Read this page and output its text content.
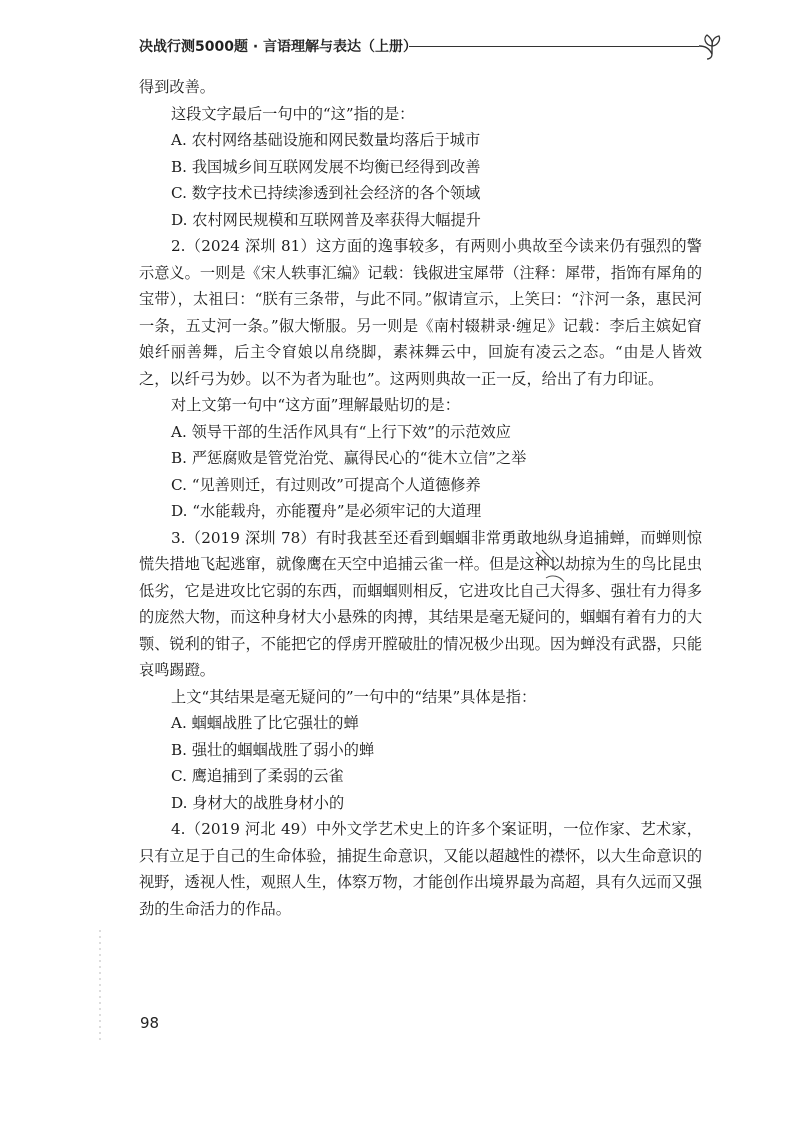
决战行测5000题 · 言语理解与表达（上册）
得到改善。
这段文字最后一句中的“这”指的是：
A. 农村网络基础设施和网民数量均落后于城市
B. 我国城乡间互联网发展不均衡已经得到改善
C. 数字技术已持续渗透到社会经济的各个领域
D. 农村网民规模和互联网普及率获得大幅提升
2.（2024 深圳 81）这方面的逸事较多，有两则小典故至今读来仍有强烈的警示意义。一则是《宋人轶事汇编》记载：钱俶进宝犀带（注释：犀带，指饰有犀角的宝带），太祖曰：“朕有三条带，与此不同。”俶请宣示，上笑曰：“汴河一条，惠民河一条，五丈河一条。”俶大惭服。另一则是《南村辍耕录·缠足》记载：李后主嫔妃窅娘纤丽善舞，后主令窅娘以帛绕脚，素袜舞云中，回旋有凌云之态。“由是人皆效之，以纤弓为妙。以不为者为耻也”。这两则典故一正一反，给出了有力印证。
对上文第一句中“这方面”理解最贴切的是：
A. 领导干部的生活作风具有“上行下效”的示范效应
B. 严惩腐败是管党治党、赢得民心的“徙木立信”之举
C. “见善则迁，有过则改”可提高个人道德修养
D. “水能载舟，亦能覆舟”是必须牢记的大道理
3.（2019 深圳 78）有时我甚至还看到蝈蝈非常勇敢地纵身追捕蝉，而蝉则惊慌失措地飞起逃窜，就像鹰在天空中追捕云雀一样。但是这种以劫掠为生的鸟比昆虫低劣，它是进攻比它弱的东西，而蝈蝈则相反，它进攻比自己大得多、强壮有力得多的庞然大物，而这种身材大小悬殊的肉搏，其结果是毫无疑问的，蝈蝈有着有力的大颚、锐利的钳子，不能把它的俘虏开膛破肚的情况极少出现。因为蝉没有武器，只能哀鸣踢蹬。
上文“其结果是毫无疑问的”一句中的“结果”具体是指：
A. 蝈蝈战胜了比它强壮的蝉
B. 强壮的蝈蝈战胜了弱小的蝉
C. 鹰追捕到了柔弱的云雀
D. 身材大的战胜身材小的
4.（2019 河北 49）中外文学艺术史上的许多个案证明，一位作家、艺术家，只有立足于自己的生命体验，捕捉生命意识，又能以超越性的襟怀，以大生命意识的视野，透视人性，观照人生，体察万物，才能创作出境界最为高超，具有久远而又强劲的生命活力的作品。
98
